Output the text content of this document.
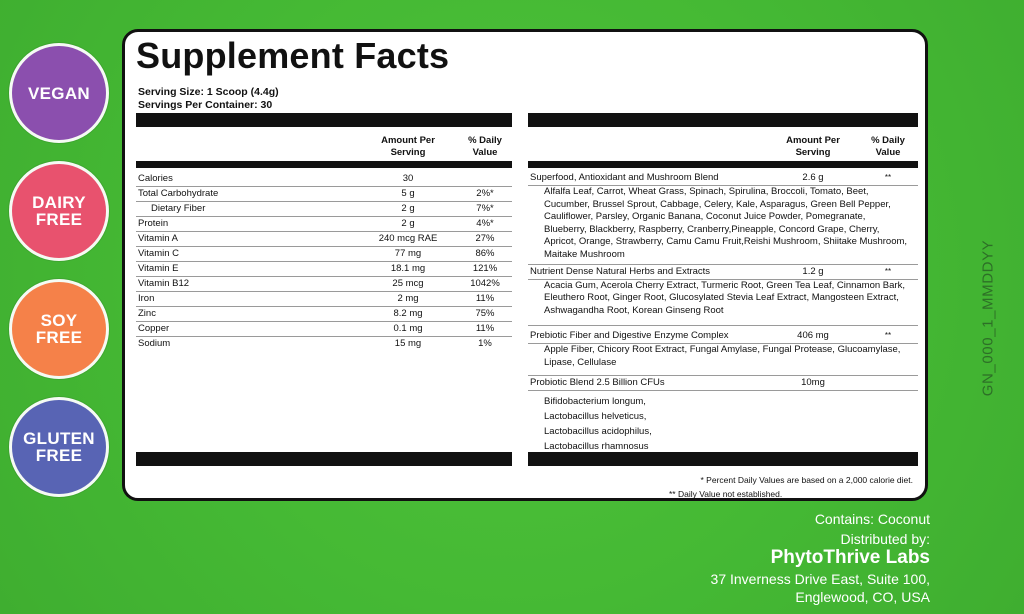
VEGAN
DAIRY
FREE
SOY
FREE
GLUTEN
FREE
Supplement Facts
Serving Size: 1 Scoop (4.4g)
Servings Per Container: 30
Amount Per
Serving
% Daily
Value
Calories	30
Total Carbohydrate	5 g	2%*
Dietary Fiber	2 g	7%*
Protein	2 g	4%*
Vitamin A	240 mcg RAE	27%
Vitamin C	77 mg	86%
Vitamin E	18.1 mg	121%
Vitamin B12	25 mcg	1042%
Iron	2 mg	11%
Zinc	8.2 mg	75%
Copper	0.1 mg	11%
Sodium	15 mg	1%
Amount Per
Serving
% Daily
Value
Superfood, Antioxidant and Mushroom Blend	2.6 g	**
Alfalfa Leaf, Carrot, Wheat Grass, Spinach, Spirulina, Broccoli, Tomato, Beet, Cucumber, Brussel Sprout, Cabbage, Celery, Kale, Asparagus, Green Bell Pepper, Cauliflower, Parsley, Organic Banana, Coconut Juice Powder, Pomegranate, Blueberry, Blackberry, Raspberry, Cranberry,Pineapple, Concord Grape, Cherry, Apricot, Orange, Strawberry, Camu Camu Fruit,Reishi Mushroom, Shiitake Mushroom, Maitake Mushroom
Nutrient Dense Natural Herbs and Extracts	1.2 g	**
Acacia Gum, Acerola Cherry Extract, Turmeric Root, Green Tea Leaf, Cinnamon Bark, Eleuthero Root, Ginger Root, Glucosylated Stevia Leaf Extract, Mangosteen Extract, Ashwagandha Root, Korean Ginseng Root
Prebiotic Fiber and Digestive Enzyme Complex	406 mg	**
Apple Fiber, Chicory Root Extract, Fungal Amylase, Fungal Protease, Glucoamylase, Lipase, Cellulase
Probiotic Blend 2.5 Billion CFUs	10mg
Bifidobacterium longum,
Lactobacillus helveticus,
Lactobacillus acidophilus,
Lactobacillus rhamnosus
* Percent Daily Values are based on a 2,000 calorie diet.
** Daily Value not established.
Contains: Coconut
Distributed by:
PhytoThrive Labs
37 Inverness Drive East, Suite 100,
Englewood, CO, USA
GN_000_1_MMDDYY
